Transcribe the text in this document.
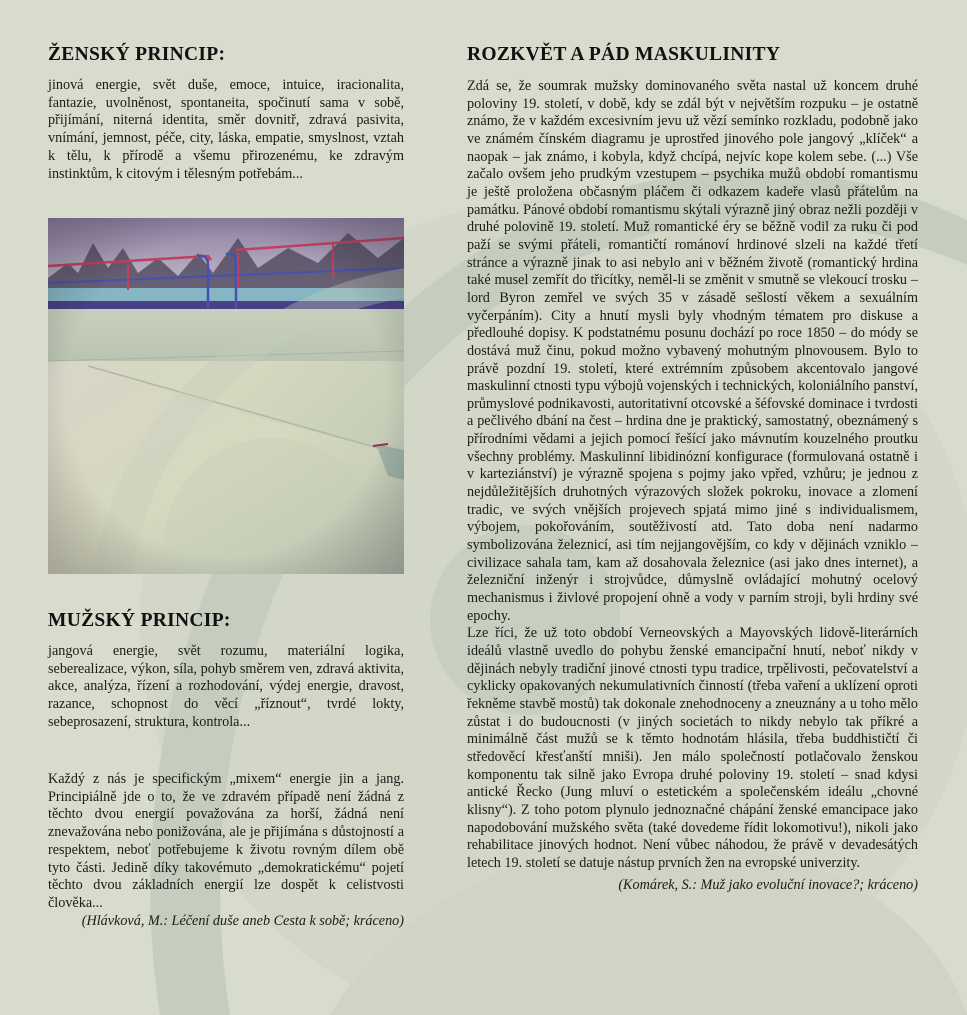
ŽENSKÝ PRINCIP:

jinová energie, svět duše, emoce, intuice, iracionalita, fantazie, uvolněnost, spontaneita, spočinutí sama v sobě, přijímání, niterná identita, směr dovnitř, zdravá pasivita, vnímání, jemnost, péče, city, láska, empatie, smyslnost, vztah k tělu, k přírodě a všemu přirozenému, ke zdravým instinktům, k citovým i tělesným potřebám...

MUŽSKÝ PRINCIP:

jangová energie, svět rozumu, materiální logika, seberealizace, výkon, síla, pohyb směrem ven, zdravá aktivita, akce, analýza, řízení a rozhodování, výdej energie, dravost, razance, schopnost do věcí „říznout“, tvrdé lokty, sebeprosazení, struktura, kontrola...

Každý z nás je specifickým „mixem“ energie jin a jang. Principiálně jde o to, že ve zdravém případě není žádná z těchto dvou energií považována za horší, žádná není znevažována nebo ponižována, ale je přijímána s důstojností a respektem, neboť potřebujeme k životu rovným dílem obě tyto části. Jedině díky takovémuto „demokratickému“ pojetí těchto dvou základních energií lze dospět k celistvosti člověka...

(Hlávková, M.: Léčení duše aneb Cesta k sobě; kráceno)

ROZKVĚT A PÁD MASKULINITY

Zdá se, že soumrak mužsky dominovaného světa nastal už koncem druhé poloviny 19. století, v době, kdy se zdál být v největším rozpuku – je ostatně známo, že v každém excesivním jevu už vězí semínko rozkladu, podobně jako ve známém čínském diagramu je uprostřed jinového pole jangový „klíček“ a naopak – jak známo, i kobyla, když chcípá, nejvíc kope kolem sebe. (...) Vše začalo ovšem jeho prudkým vzestupem – psychika mužů období romantismu je ještě proložena občasným pláčem či odkazem kadeře vlasů přátelům na památku. Pánové období romantismu skýtali výrazně jiný obraz nežli později v druhé polovině 19. století. Muž romantické éry se běžně vodil za ruku či pod paží se svými přáteli, romantičtí románoví hrdinové slzeli na každé třetí stránce a výrazně jinak to asi nebylo ani v běžném životě (romantický hrdina také musel zemřít do třicítky, neměl-li se změnit v smutně se vlekoucí trosku – lord Byron zemřel ve svých 35 v zásadě sešlostí věkem a sexuálním vyčerpáním). City a hnutí mysli byly vhodným tématem pro diskuse a předlouhé dopisy. K podstatnému posunu dochází po roce 1850 – do módy se dostává muž činu, pokud možno vybavený mohutným plnovousem. Bylo to právě pozdní 19. století, které extrémním způsobem akcentovalo jangové maskulinní ctnosti typu výbojů vojenských i technických, koloniálního panství, průmyslové podnikavosti, autoritativní otcovské a šéfovské dominace i tvrdosti a pečlivého dbání na čest – hrdina dne je praktický, samostatný, obeznámený s přírodními vědami a jejich pomocí řešící jako mávnutím kouzelného proutku všechny problémy. Maskulinní libidinózní konfigurace (formulovaná ostatně i v karteziánství) je výrazně spojena s pojmy jako vpřed, vzhůru; je jednou z nejdůležitějších druhotných výrazových složek pokroku, inovace a zlomení tradic, ve svých vnějších projevech spjatá mimo jiné s individualismem, výbojem, pokořováním, soutěživostí atd. Tato doba není nadarmo symbolizována železnicí, asi tím nejjangovějším, co kdy v dějinách vzniklo – civilizace sahala tam, kam až dosahovala železnice (asi jako dnes internet), a železniční inženýr i strojvůdce, důmyslně ovládající mohutný ocelový mechanismus i živlové propojení ohně a vody v parním stroji, byli hrdiny své epochy.

Lze říci, že už toto období Verneovských a Mayovských lidově-literárních ideálů vlastně uvedlo do pohybu ženské emancipační hnutí, neboť nikdy v dějinách nebyly tradiční jinové ctnosti typu tradice, trpělivosti, pečovatelství a cyklicky opakovaných nekumulativních činností (třeba vaření a uklízení oproti řekněme stavbě mostů) tak dokonale znehodnoceny a zneuznány a u toho mělo zůstat i do budoucnosti (v jiných societách to nikdy nebylo tak příkré a minimálně část mužů se k těmto hodnotám hlásila, třeba buddhističtí či středověcí křesťanští mniši). Jen málo společností potlačovalo ženskou komponentu tak silně jako Evropa druhé poloviny 19. století – snad kdysi antické Řecko (Jung mluví o estetickém a společenském ideálu „chovné klisny“). Z toho potom plynulo jednoznačné chápání ženské emancipace jako napodobování mužského světa (také dovedeme řídit lokomotivu!), nikoli jako rehabilitace jinových hodnot. Není vůbec náhodou, že právě v devadesátých letech 19. století se datuje nástup prvních žen na evropské univerzity.

(Komárek, S.: Muž jako evoluční inovace?; kráceno)
